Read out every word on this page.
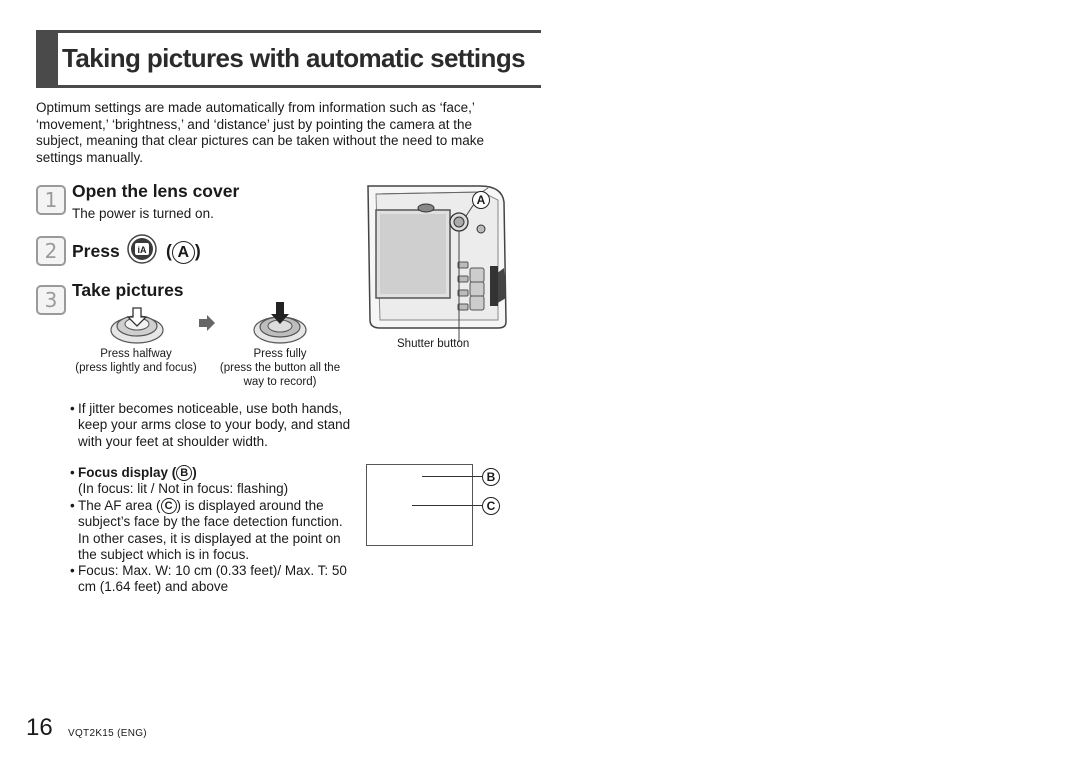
Taking pictures with automatic settings
Optimum settings are made automatically from information such as ‘face,’ ‘movement,’ ‘brightness,’ and ‘distance’ just by pointing the camera at the subject, meaning that clear pictures can be taken without the need to make settings manually.
1 Open the lens cover
The power is turned on.
2 Press iA ( A )
3 Take pictures
Press halfway
(press lightly and focus)
Press fully
(press the button all the
way to record)
A
Shutter button
B
C
• If jitter becomes noticeable, use both hands, keep your arms close to your body, and stand with your feet at shoulder width.
• Focus display ( B )
(In focus: lit / Not in focus: flashing)
• The AF area ( C ) is displayed around the subject’s face by the face detection function. In other cases, it is displayed at the point on the subject which is in focus.
• Focus: Max. W: 10 cm (0.33 feet)/ Max. T: 50 cm (1.64 feet) and above
16 VQT2K15 (ENG)
